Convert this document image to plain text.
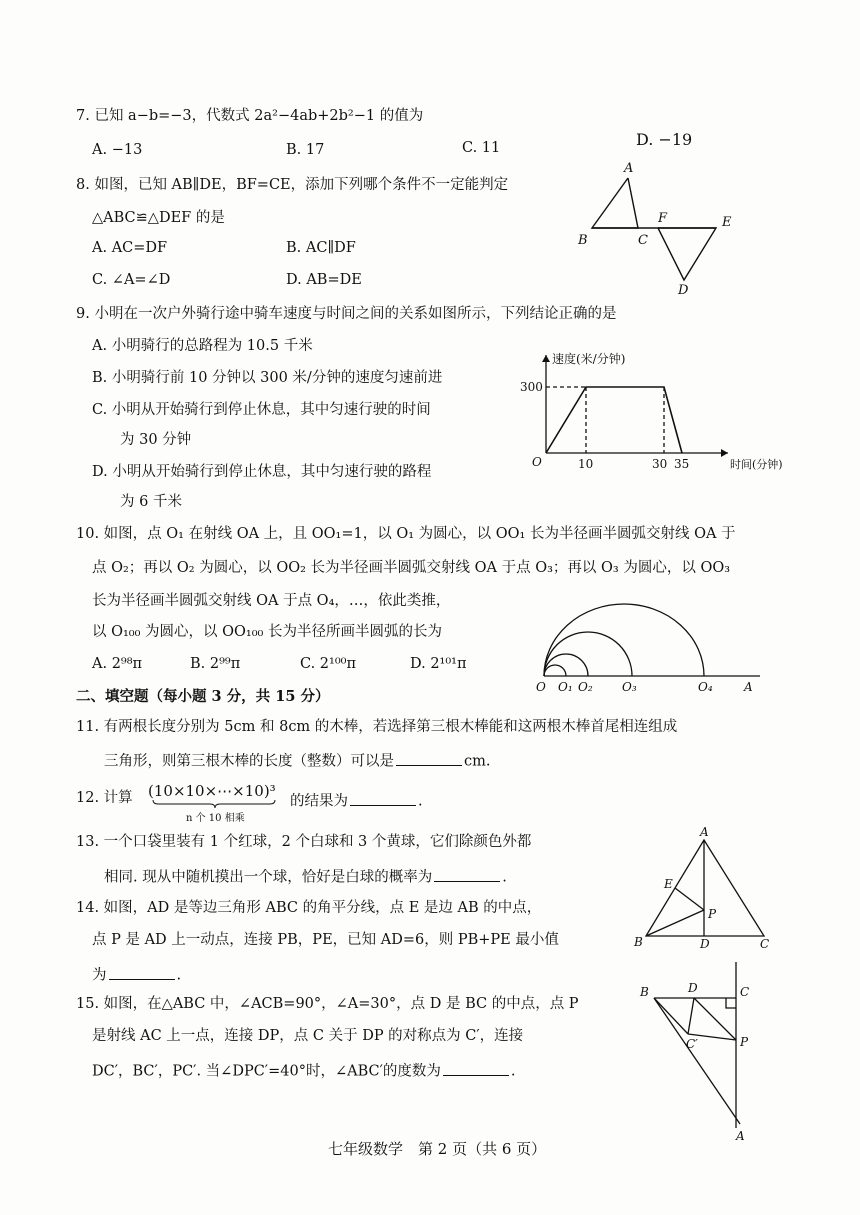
7. 已知 a−b=−3，代数式 2a²−4ab+2b²−1 的值为
A. −13	B. 17	C. 11	D. −19
8. 如图，已知 AB∥DE，BF=CE，添加下列哪个条件不一定能判定
△ABC≌△DEF 的是
A. AC=DF	B. AC∥DF
C. ∠A=∠D	D. AB=DE
A
B	C
F	E
D
9. 小明在一次户外骑行途中骑车速度与时间之间的关系如图所示，下列结论正确的是
A. 小明骑行的总路程为 10.5 千米
B. 小明骑行前 10 分钟以 300 米/分钟的速度匀速前进
C. 小明从开始骑行到停止休息，其中匀速行驶的时间
为 30 分钟
D. 小明从开始骑行到停止休息，其中匀速行驶的路程
为 6 千米
速度(米/分钟)
时间(分钟)
O
300
10	30 35
10. 如图，点 O₁ 在射线 OA 上，且 OO₁=1，以 O₁ 为圆心，以 OO₁ 长为半径画半圆弧交射线 OA 于
点 O₂；再以 O₂ 为圆心，以 OO₂ 长为半径画半圆弧交射线 OA 于点 O₃；再以 O₃ 为圆心，以 OO₃
长为半径画半圆弧交射线 OA 于点 O₄，…，依此类推，
以 O₁₀₀ 为圆心，以 OO₁₀₀ 长为半径所画半圆弧的长为
A. 2⁹⁸π	B. 2⁹⁹π	C. 2¹⁰⁰π	D. 2¹⁰¹π
O O₁ O₂ O₃	O₄	A
二、填空题（每小题 3 分，共 15 分）
11. 有两根长度分别为 5cm 和 8cm 的木棒，若选择第三根木棒能和这两根木棒首尾相连组成
三角形，则第三根木棒的长度（整数）可以是	cm.
12. 计算 (10×10×⋯×10)³
n 个 10 相乘
的结果为	.
13. 一个口袋里装有 1 个红球，2 个白球和 3 个黄球，它们除颜色外都
相同. 现从中随机摸出一个球，恰好是白球的概率为	.
14. 如图，AD 是等边三角形 ABC 的角平分线，点 E 是边 AB 的中点，
点 P 是 AD 上一动点，连接 PB，PE，已知 AD=6，则 PB+PE 最小值
为	.
A
E
P
B	D	C
15. 如图，在△ABC 中，∠ACB=90°，∠A=30°，点 D 是 BC 的中点，点 P
是射线 AC 上一点，连接 DP，点 C 关于 DP 的对称点为 C′，连接
DC′，BC′，PC′. 当∠DPC′=40°时，∠ABC′的度数为	.
B	D	C
C′	P
A
七年级数学　第 2 页（共 6 页）
